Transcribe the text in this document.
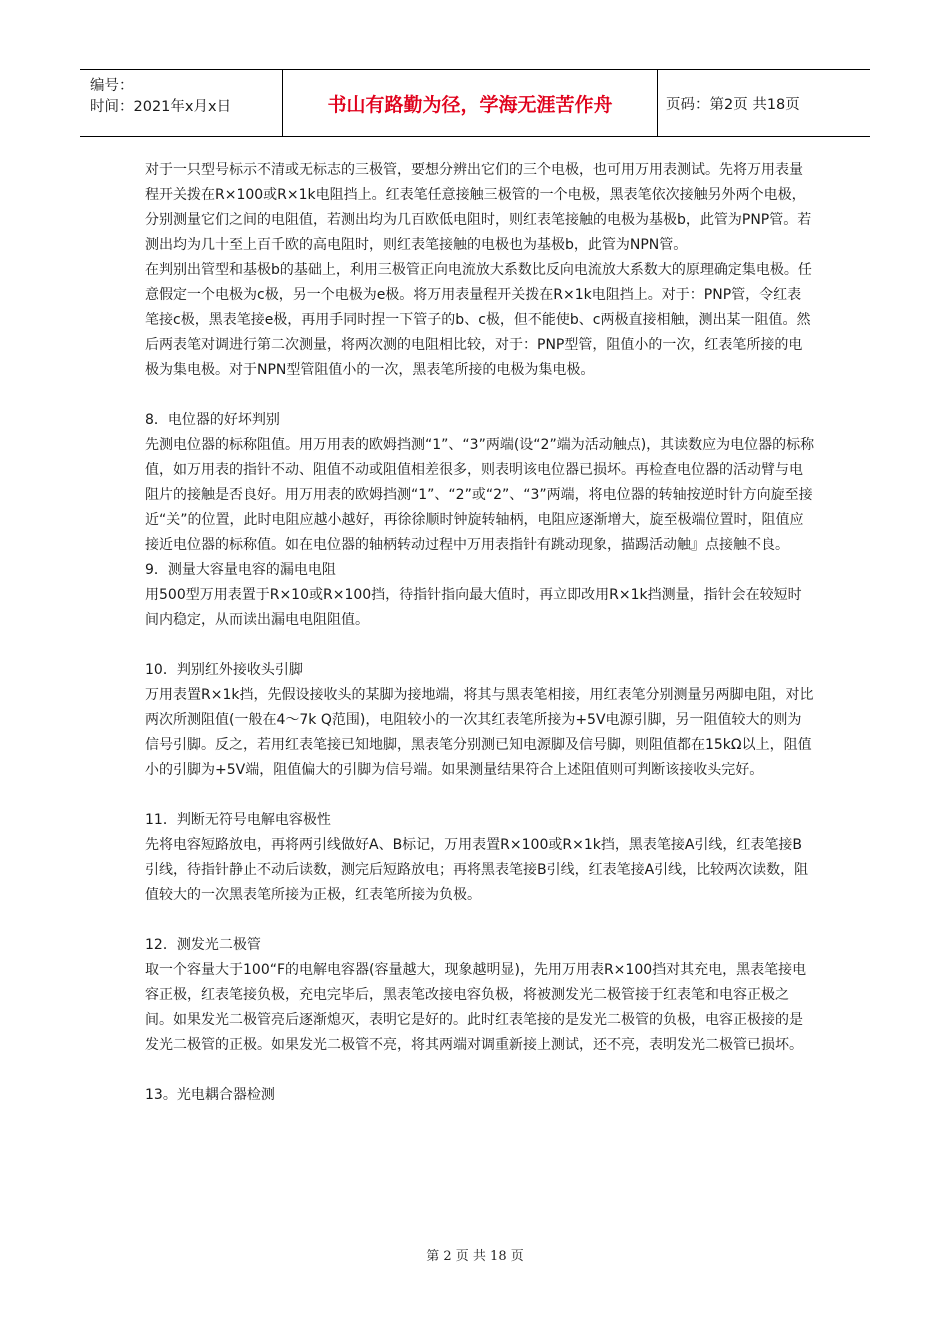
编号：
时间：2021年x月x日	书山有路勤为径，学海无涯苦作舟	页码：第2页 共18页

对于一只型号标示不清或无标志的三极管，要想分辨出它们的三个电极，也可用万用表测试。先将万用表量程开关拨在R×100或R×1k电阻挡上。红表笔任意接触三极管的一个电极，黑表笔依次接触另外两个电极，分别测量它们之间的电阻值，若测出均为几百欧低电阻时，则红表笔接触的电极为基极b，此管为PNP管。若测出均为几十至上百千欧的高电阻时，则红表笔接触的电极也为基极b，此管为NPN管。

在判别出管型和基极b的基础上，利用三极管正向电流放大系数比反向电流放大系数大的原理确定集电极。任意假定一个电极为c极，另一个电极为e极。将万用表量程开关拨在R×1k电阻挡上。对于：PNP管，令红表笔接c极，黑表笔接e极，再用手同时捏一下管子的b、c极，但不能使b、c两极直接相触，测出某一阻值。然后两表笔对调进行第二次测量，将两次测的电阻相比较，对于：PNP型管，阻值小的一次，红表笔所接的电极为集电极。对于NPN型管阻值小的一次，黑表笔所接的电极为集电极。

8．电位器的好坏判别

先测电位器的标称阻值。用万用表的欧姆挡测“1”、“3”两端(设“2”端为活动触点)，其读数应为电位器的标称值，如万用表的指针不动、阻值不动或阻值相差很多，则表明该电位器已损坏。再检查电位器的活动臂与电阻片的接触是否良好。用万用表的欧姆挡测“1”、“2”或“2”、“3”两端，将电位器的转轴按逆时针方向旋至接近“关”的位置，此时电阻应越小越好，再徐徐顺时钟旋转轴柄，电阻应逐渐增大，旋至极端位置时，阻值应接近电位器的标称值。如在电位器的轴柄转动过程中万用表指针有跳动现象，描踢活动触』点接触不良。

9．测量大容量电容的漏电电阻

用500型万用表置于R×10或R×100挡，待指针指向最大值时，再立即改用R×1k挡测量，指针会在较短时间内稳定，从而读出漏电电阻阻值。

10．判别红外接收头引脚

万用表置R×1k挡，先假设接收头的某脚为接地端，将其与黑表笔相接，用红表笔分别测量另两脚电阻，对比两次所测阻值(一般在4～7k Q范围)，电阻较小的一次其红表笔所接为+5V电源引脚，另一阻值较大的则为信号引脚。反之，若用红表笔接已知地脚，黑表笔分别测已知电源脚及信号脚，则阻值都在15kΩ以上，阻值小的引脚为+5V端，阻值偏大的引脚为信号端。如果测量结果符合上述阻值则可判断该接收头完好。

11．判断无符号电解电容极性

先将电容短路放电，再将两引线做好A、B标记，万用表置R×100或R×1k挡，黑表笔接A引线，红表笔接B引线，待指针静止不动后读数，测完后短路放电；再将黑表笔接B引线，红表笔接A引线，比较两次读数，阻值较大的一次黑表笔所接为正极，红表笔所接为负极。

12．测发光二极管

取一个容量大于100“F的电解电容器(容量越大，现象越明显)，先用万用表R×100挡对其充电，黑表笔接电容正极，红表笔接负极，充电完毕后，黑表笔改接电容负极，将被测发光二极管接于红表笔和电容正极之间。如果发光二极管亮后逐渐熄灭，表明它是好的。此时红表笔接的是发光二极管的负极，电容正极接的是发光二极管的正极。如果发光二极管不亮，将其两端对调重新接上测试，还不亮，表明发光二极管已损坏。

13。光电耦合器检测

第 2 页 共 18 页
